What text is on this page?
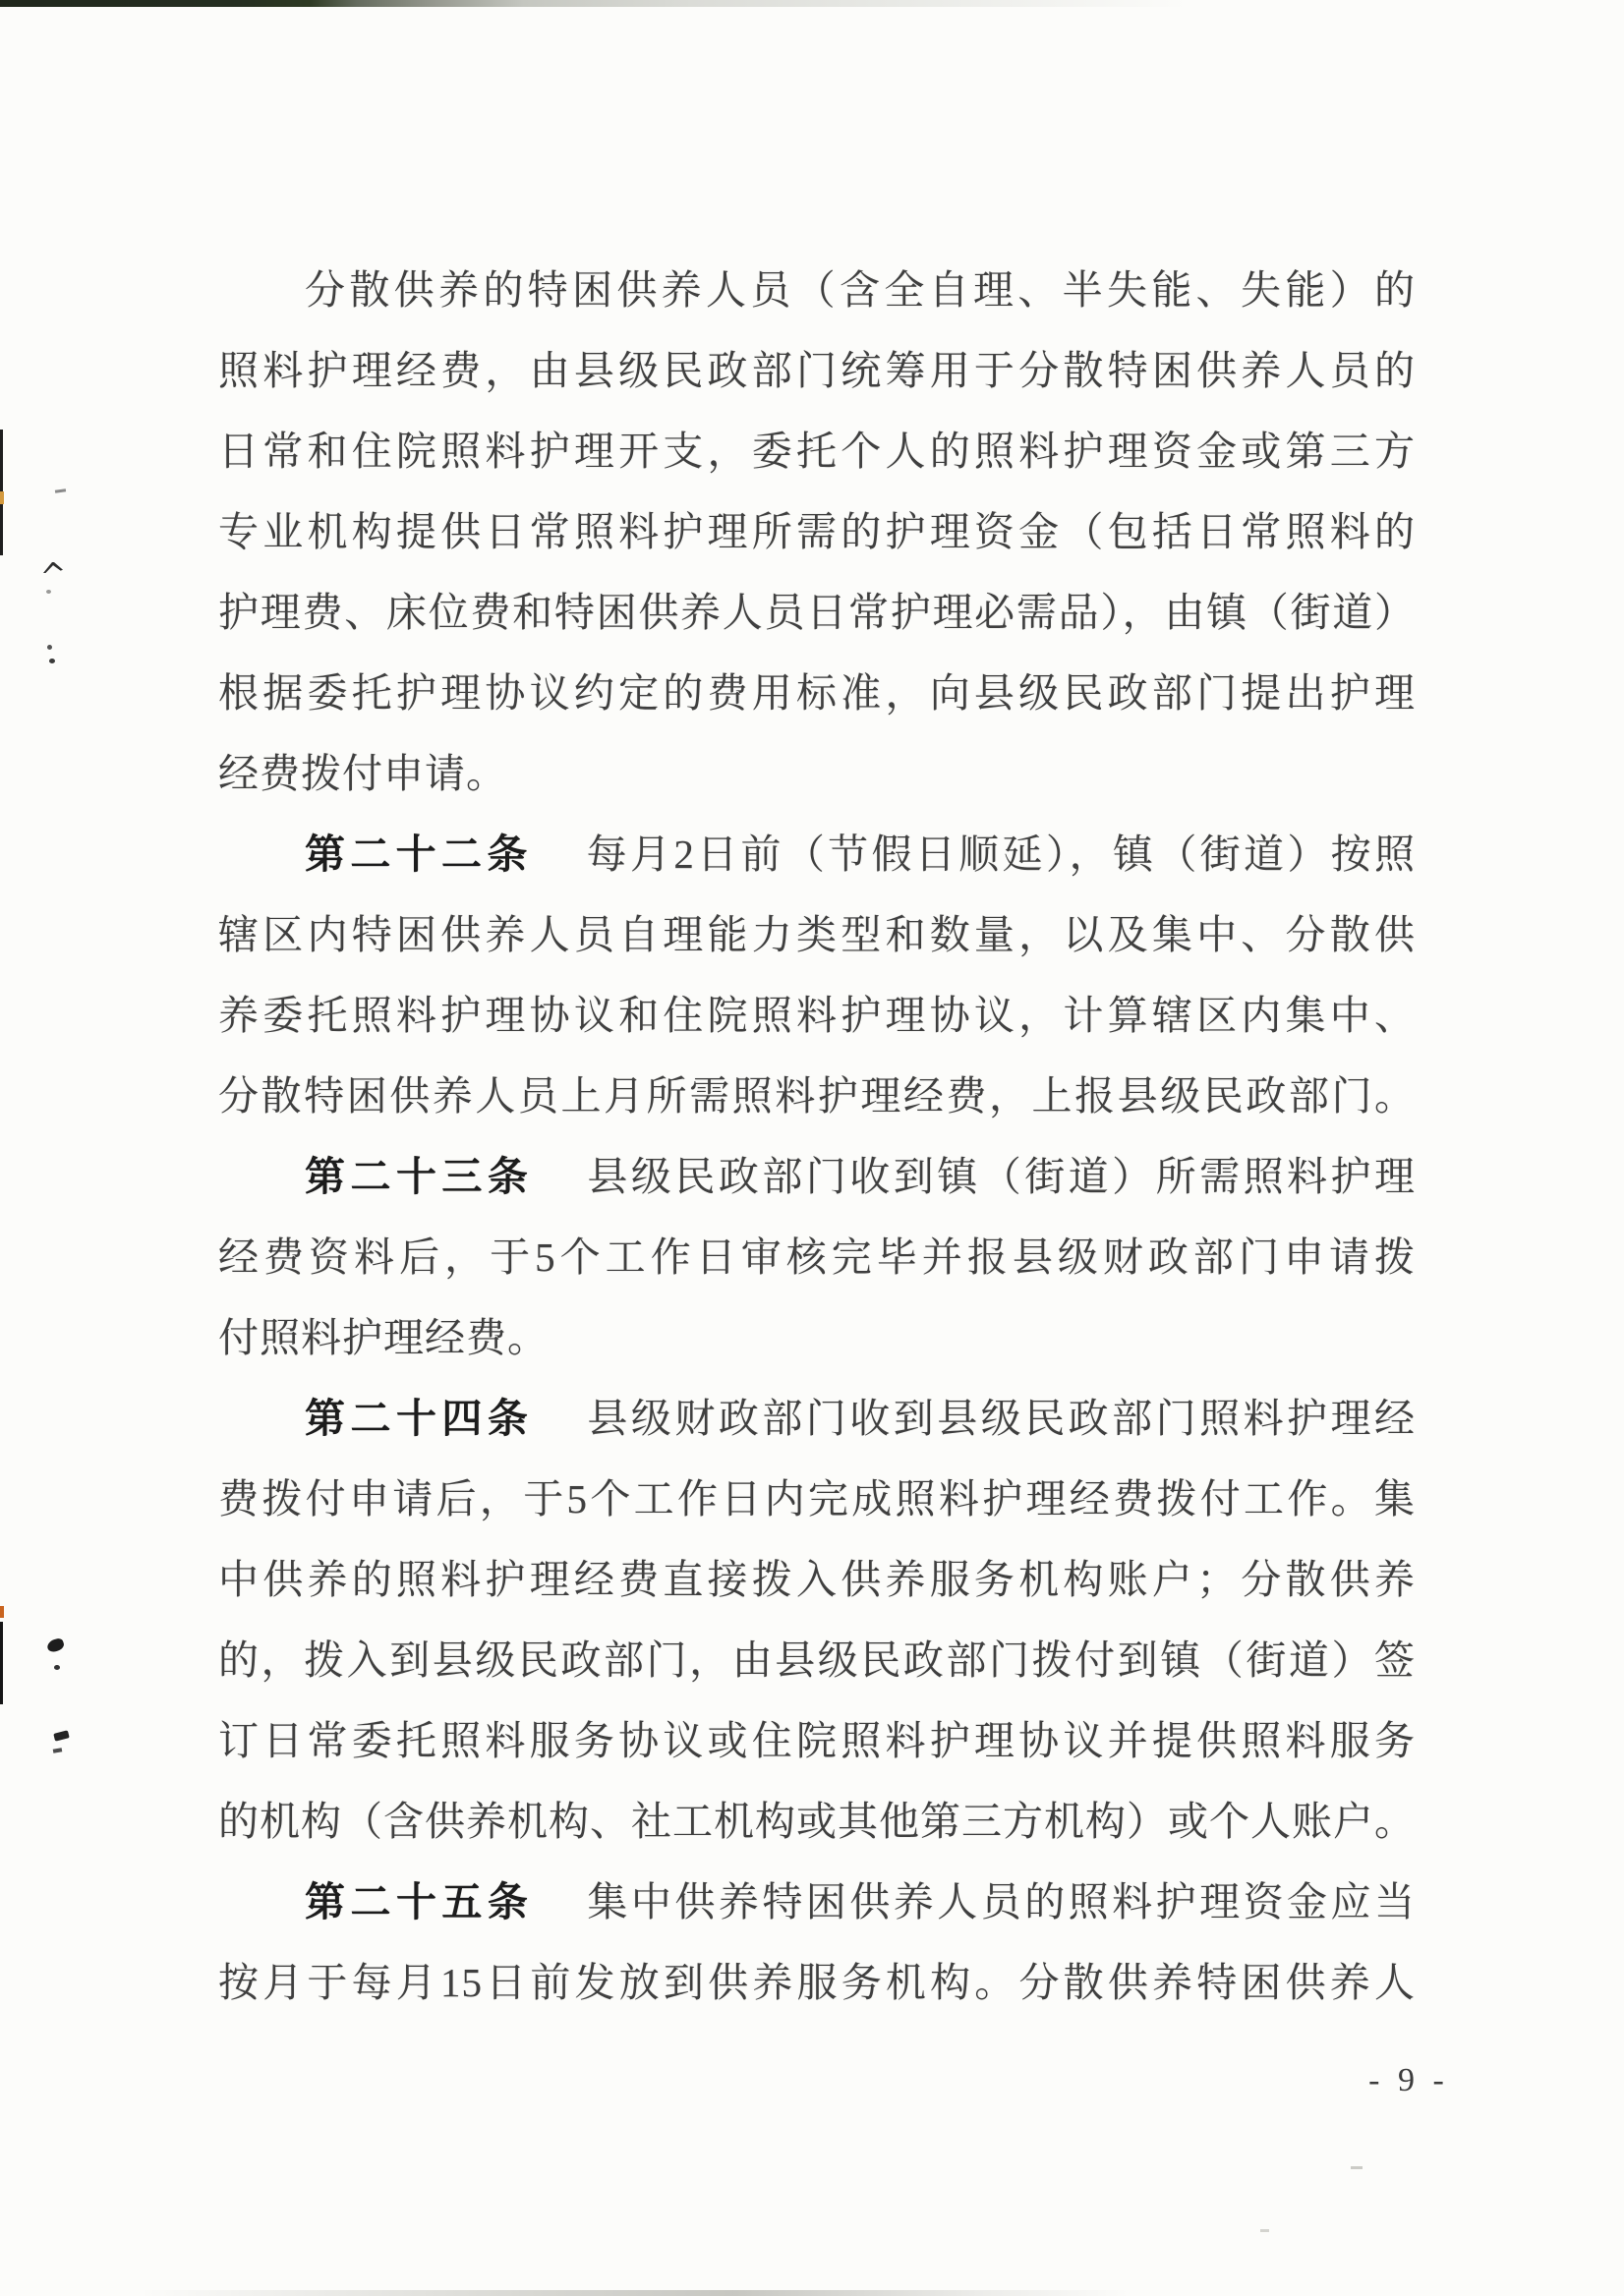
分散供养的特困供养人员（含全自理、半失能、失能）的

照料护理经费，由县级民政部门统筹用于分散特困供养人员的

日常和住院照料护理开支，委托个人的照料护理资金或第三方

专业机构提供日常照料护理所需的护理资金（包括日常照料的

护理费、床位费和特困供养人员日常护理必需品），由镇（街道）

根据委托护理协议约定的费用标准，向县级民政部门提出护理

经费拨付申请。

第二十二条 每月2日前（节假日顺延），镇（街道）按照

辖区内特困供养人员自理能力类型和数量，以及集中、分散供

养委托照料护理协议和住院照料护理协议，计算辖区内集中、

分散特困供养人员上月所需照料护理经费，上报县级民政部门。

第二十三条 县级民政部门收到镇（街道）所需照料护理

经费资料后，于5个工作日审核完毕并报县级财政部门申请拨

付照料护理经费。

第二十四条 县级财政部门收到县级民政部门照料护理经

费拨付申请后，于5个工作日内完成照料护理经费拨付工作。集

中供养的照料护理经费直接拨入供养服务机构账户；分散供养

的，拨入到县级民政部门，由县级民政部门拨付到镇（街道）签

订日常委托照料服务协议或住院照料护理协议并提供照料服务

的机构（含供养机构、社工机构或其他第三方机构）或个人账户。

第二十五条 集中供养特困供养人员的照料护理资金应当

按月于每月15日前发放到供养服务机构。分散供养特困供养人

- 9 -
